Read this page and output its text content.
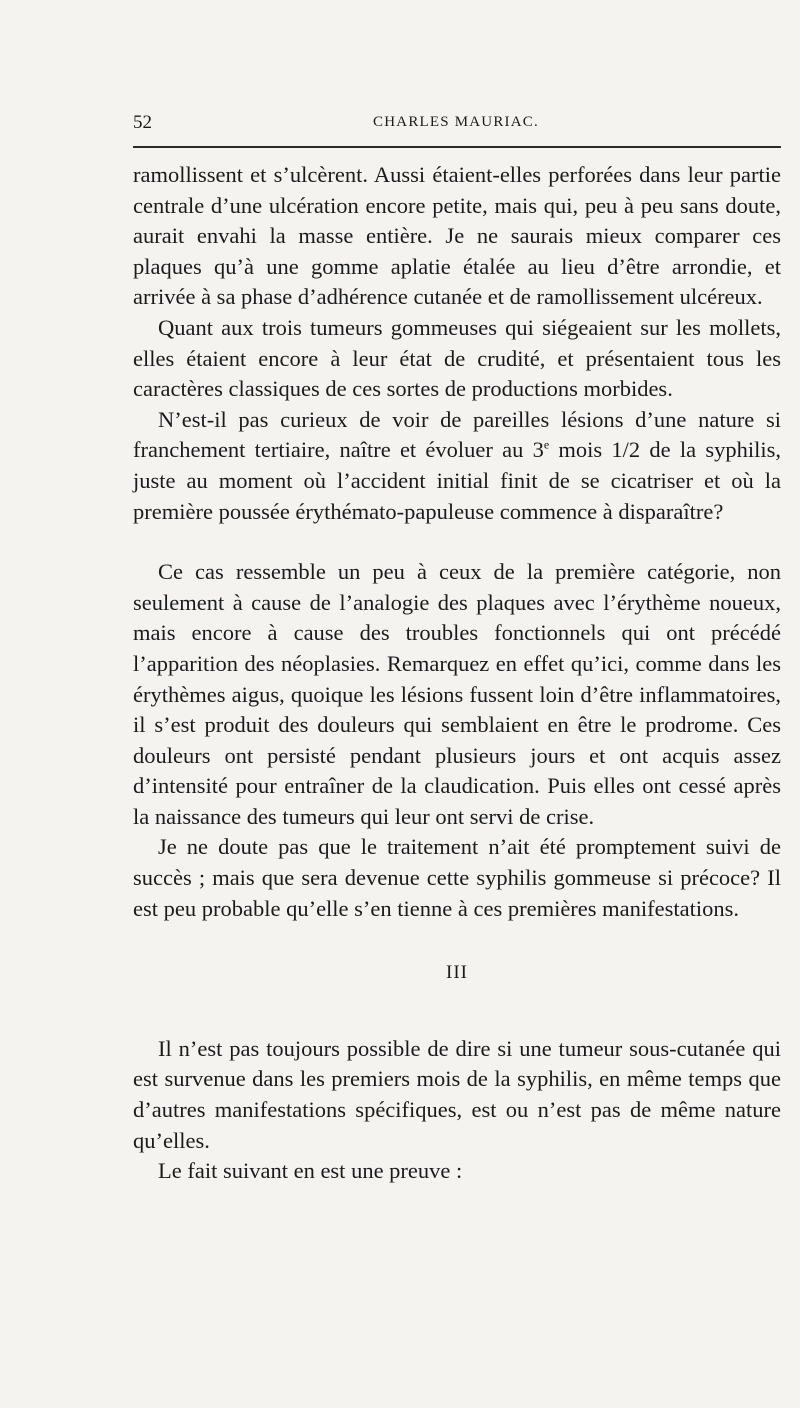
52	CHARLES MAURIAC.

ramollissent et s’ulcèrent. Aussi étaient-elles perforées dans leur partie centrale d’une ulcération encore petite, mais qui, peu à peu sans doute, aurait envahi la masse entière. Je ne saurais mieux comparer ces plaques qu’à une gomme aplatie étalée au lieu d’être arrondie, et arrivée à sa phase d’adhérence cutanée et de ramollissement ulcéreux.

Quant aux trois tumeurs gommeuses qui siégeaient sur les mollets, elles étaient encore à leur état de crudité, et présentaient tous les caractères classiques de ces sortes de productions morbides.

N’est-il pas curieux de voir de pareilles lésions d’une nature si franchement tertiaire, naître et évoluer au 3e mois 1/2 de la syphilis, juste au moment où l’accident initial finit de se cicatriser et où la première poussée érythémato-papuleuse commence à disparaître?

Ce cas ressemble un peu à ceux de la première catégorie, non seulement à cause de l’analogie des plaques avec l’érythème noueux, mais encore à cause des troubles fonctionnels qui ont précédé l’apparition des néoplasies. Remarquez en effet qu’ici, comme dans les érythèmes aigus, quoique les lésions fussent loin d’être inflammatoires, il s’est produit des douleurs qui semblaient en être le prodrome. Ces douleurs ont persisté pendant plusieurs jours et ont acquis assez d’intensité pour entraîner de la claudication. Puis elles ont cessé après la naissance des tumeurs qui leur ont servi de crise.

Je ne doute pas que le traitement n’ait été promptement suivi de succès ; mais que sera devenue cette syphilis gommeuse si précoce? Il est peu probable qu’elle s’en tienne à ces premières manifestations.

III

Il n’est pas toujours possible de dire si une tumeur sous-cutanée qui est survenue dans les premiers mois de la syphilis, en même temps que d’autres manifestations spécifiques, est ou n’est pas de même nature qu’elles.

Le fait suivant en est une preuve :
